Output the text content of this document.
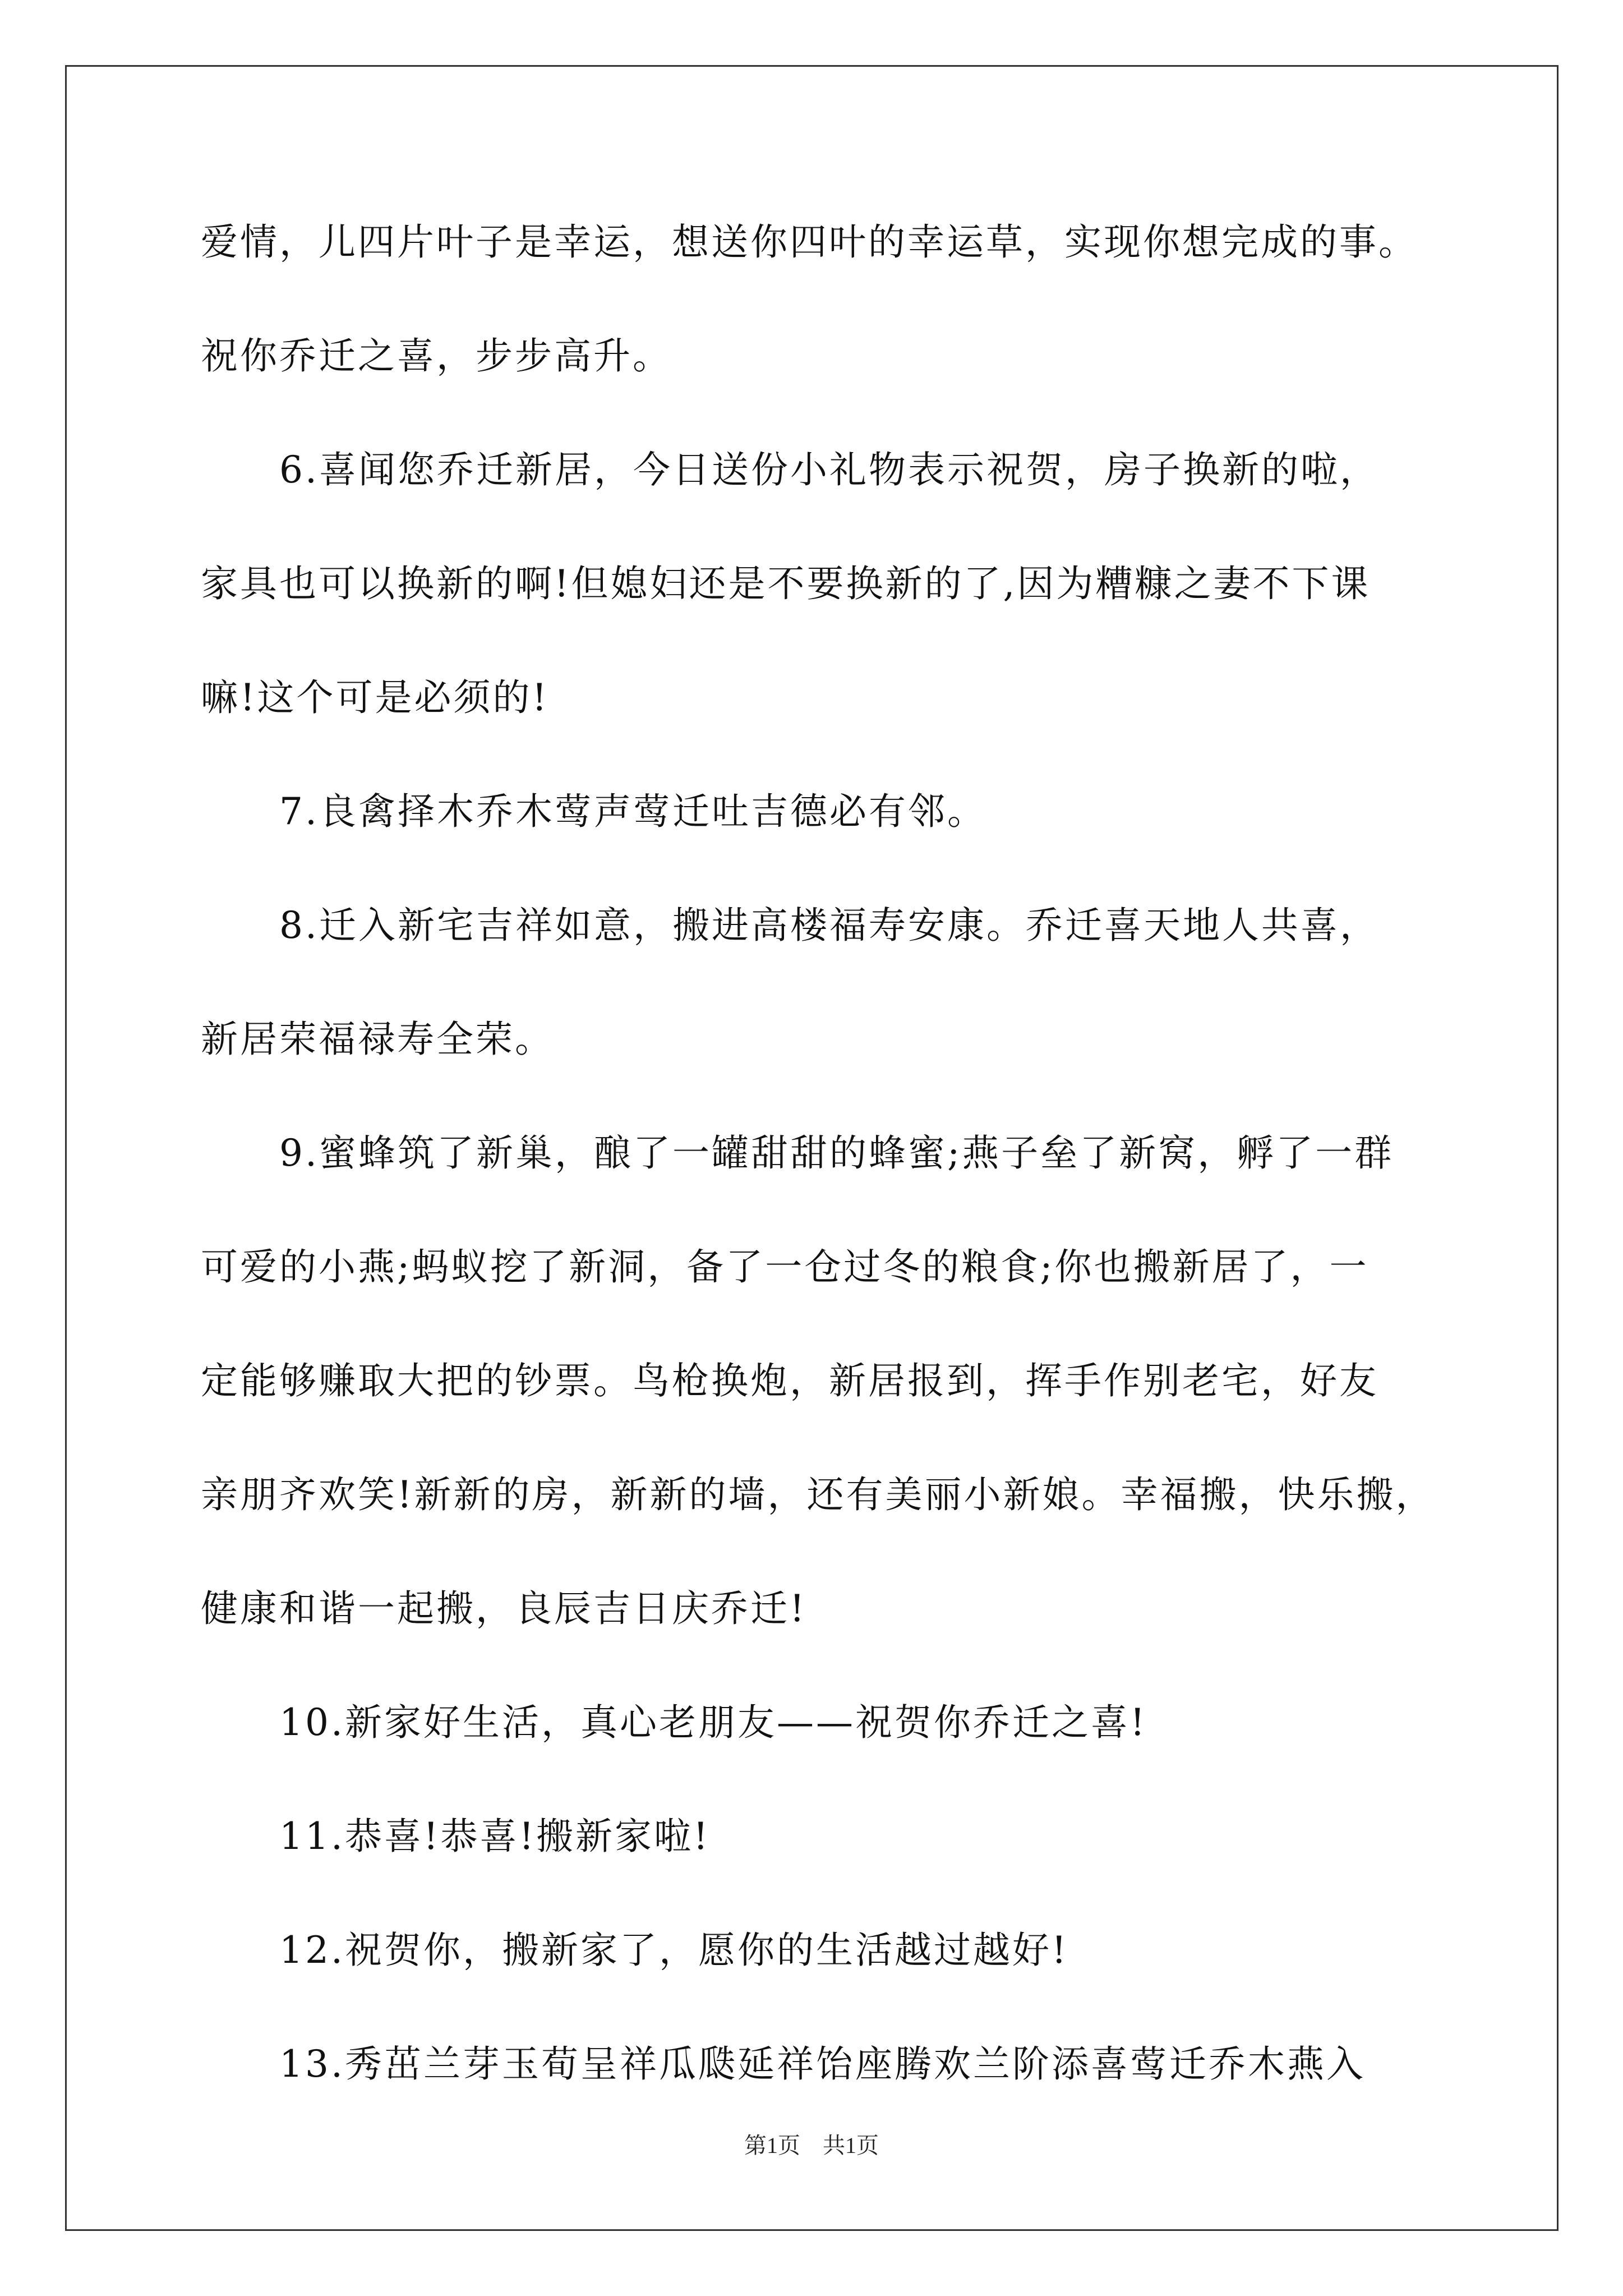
爱情，儿四片叶子是幸运，想送你四叶的幸运草，实现你想完成的事。
祝你乔迁之喜，步步高升。
6.喜闻您乔迁新居，今日送份小礼物表示祝贺，房子换新的啦，
家具也可以换新的啊!但媳妇还是不要换新的了,因为糟糠之妻不下课
嘛!这个可是必须的!
7.良禽择木乔木莺声莺迁吐吉德必有邻。
8.迁入新宅吉祥如意，搬进高楼福寿安康。乔迁喜天地人共喜，
新居荣福禄寿全荣。
9.蜜蜂筑了新巢，酿了一罐甜甜的蜂蜜;燕子垒了新窝，孵了一群
可爱的小燕;蚂蚁挖了新洞，备了一仓过冬的粮食;你也搬新居了，一
定能够赚取大把的钞票。鸟枪换炮，新居报到，挥手作别老宅，好友
亲朋齐欢笑!新新的房，新新的墙，还有美丽小新娘。幸福搬，快乐搬，
健康和谐一起搬，良辰吉日庆乔迁!
10.新家好生活，真心老朋友——祝贺你乔迁之喜!
11.恭喜!恭喜!搬新家啦!
12.祝贺你，搬新家了，愿你的生活越过越好!
13.秀茁兰芽玉荀呈祥瓜瓞延祥饴座腾欢兰阶添喜莺迁乔木燕入
第1页　共1页
